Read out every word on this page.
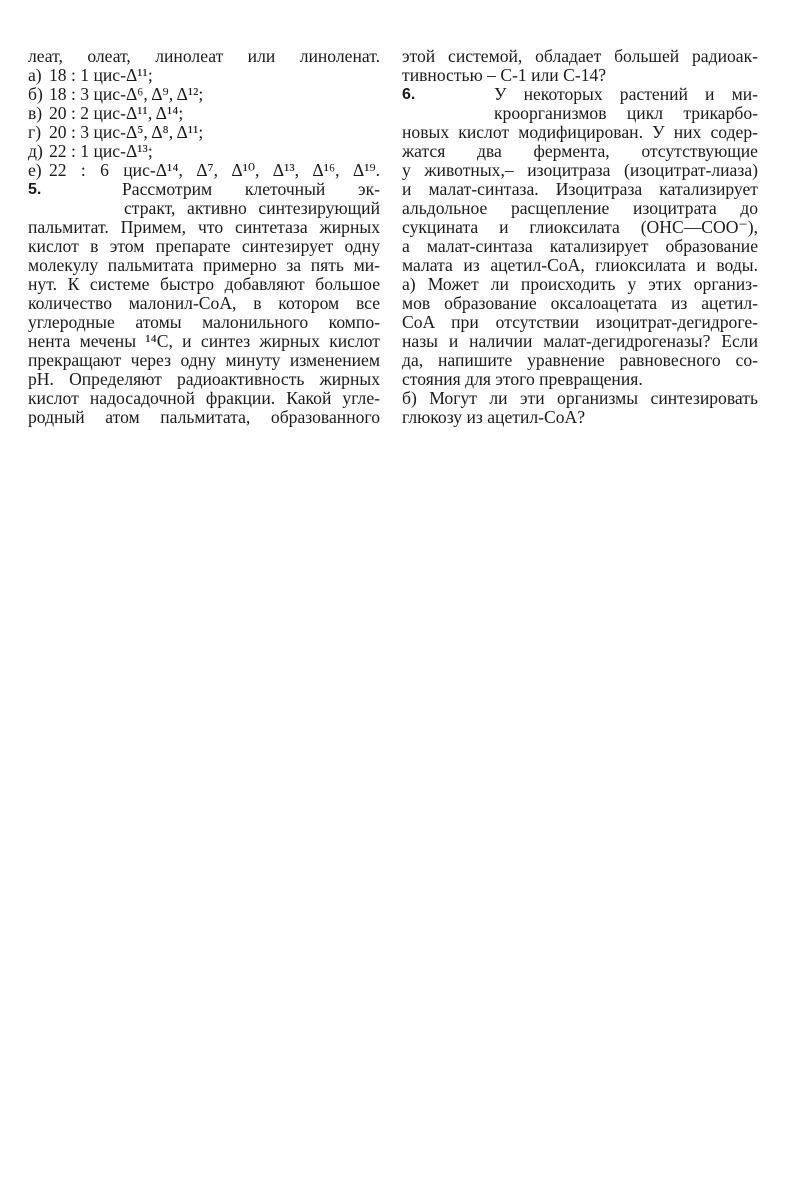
леат, олеат, линолеат или линоленат.
а) 18 : 1 цис-Δ¹¹;
б) 18 : 3 цис-Δ⁶, Δ⁹, Δ¹²;
в) 20 : 2 цис-Δ¹¹, Δ¹⁴;
г) 20 : 3 цис-Δ⁵, Δ⁸, Δ¹¹;
д) 22 : 1 цис-Δ¹³;
е) 22 : 6 цис-Δ¹⁴, Δ⁷, Δ¹⁰, Δ¹³, Δ¹⁶, Δ¹⁹.
5.	Рассмотрим клеточный эк-
стракт, активно синтезирующий
пальмитат. Примем, что синтетаза жирных
кислот в этом препарате синтезирует одну
молекулу пальмитата примерно за пять ми-
нут. К системе быстро добавляют большое
количество малонил-CoA, в котором все
углеродные атомы малонильного компо-
нента мечены ¹⁴C, и синтез жирных кислот
прекращают через одну минуту изменением
pH. Определяют радиоактивность жирных
кислот надосадочной фракции. Какой угле-
родный атом пальмитата, образованного
этой системой, обладает большей радиоак-
тивностью – C-1 или C-14?
6.	У некоторых растений и ми-
кроорганизмов цикл трикарбо-
новых кислот модифицирован. У них содер-
жатся два фермента, отсутствующие
у животных,– изоцитраза (изоцитрат-лиаза)
и малат-синтаза. Изоцитраза катализирует
альдольное расщепление изоцитрата до
сукцината и глиоксилата (OHC—COO⁻),
а малат-синтаза катализирует образование
малата из ацетил-CoA, глиоксилата и воды.
а) Может ли происходить у этих организ-
мов образование оксалоацетата из ацетил-
CoA при отсутствии изоцитрат-дегидроге-
назы и наличии малат-дегидрогеназы? Если
да, напишите уравнение равновесного со-
стояния для этого превращения.
б) Могут ли эти организмы синтезировать
глюкозу из ацетил-CoA?
